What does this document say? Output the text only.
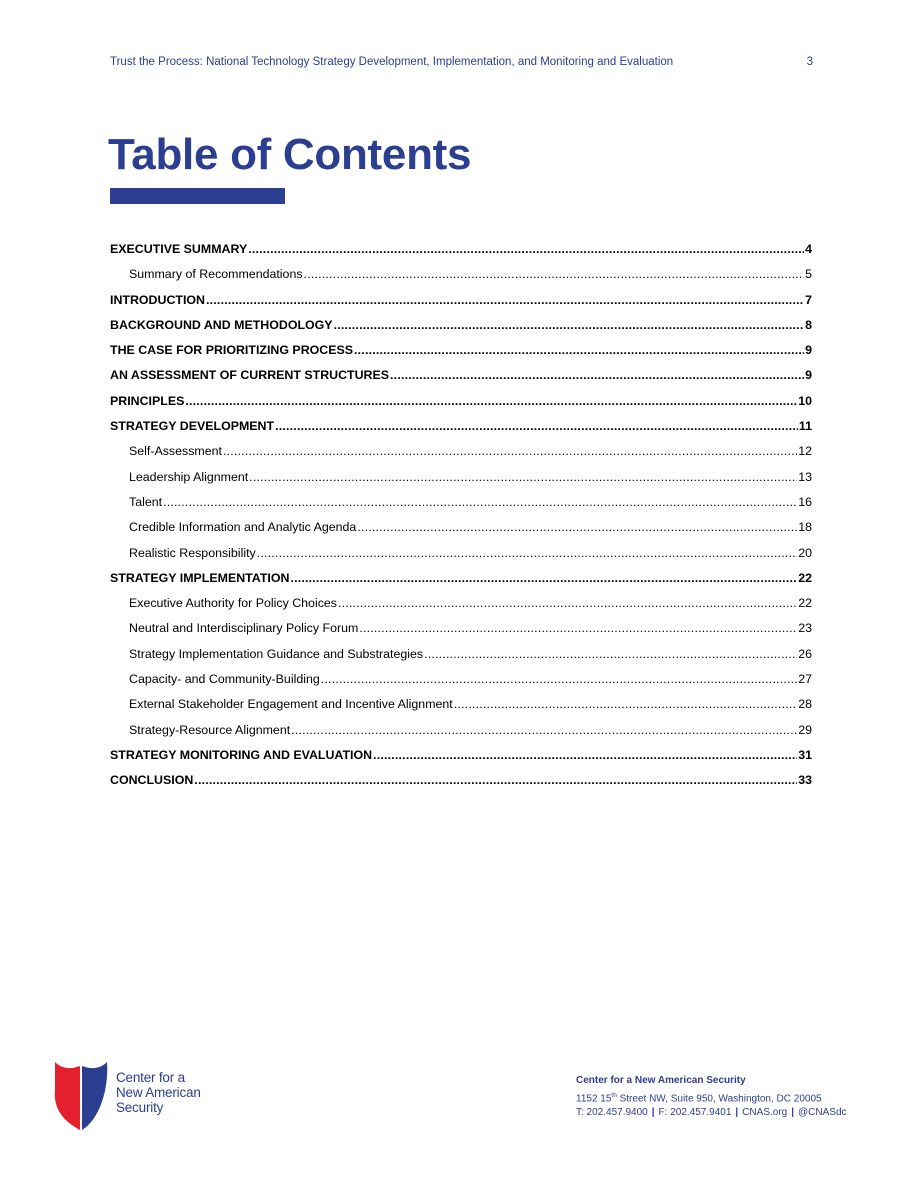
Trust the Process: National Technology Strategy Development, Implementation, and Monitoring and Evaluation	3
Table of Contents
EXECUTIVE SUMMARY .....	4
Summary of Recommendations .....	5
INTRODUCTION .....	7
BACKGROUND AND METHODOLOGY .....	8
THE CASE FOR PRIORITIZING PROCESS .....	9
AN ASSESSMENT OF CURRENT STRUCTURES .....	9
PRINCIPLES .....	10
STRATEGY DEVELOPMENT .....	11
Self-Assessment .....	12
Leadership Alignment .....	13
Talent .....	16
Credible Information and Analytic Agenda .....	18
Realistic Responsibility .....	20
STRATEGY IMPLEMENTATION .....	22
Executive Authority for Policy Choices .....	22
Neutral and Interdisciplinary Policy Forum .....	23
Strategy Implementation Guidance and Substrategies .....	26
Capacity- and Community-Building .....	27
External Stakeholder Engagement and Incentive Alignment .....	28
Strategy-Resource Alignment .....	29
STRATEGY MONITORING AND EVALUATION .....	31
CONCLUSION .....	33
Center for a
New American
Security
Center for a New American Security
1152 15th Street NW, Suite 950, Washington, DC 20005
T: 202.457.9400 | F: 202.457.9401 | CNAS.org | @CNASdc
